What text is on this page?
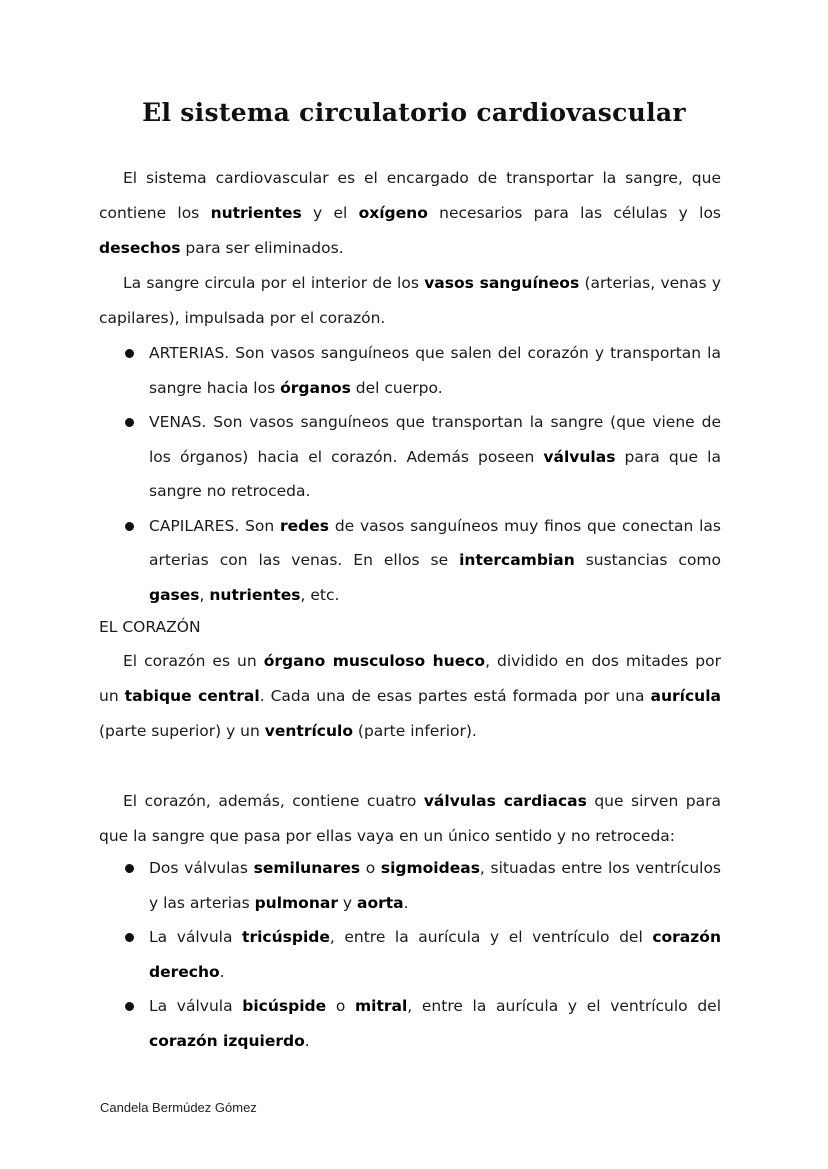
El sistema circulatorio cardiovascular

El sistema cardiovascular es el encargado de transportar la sangre, que contiene los nutrientes y el oxígeno necesarios para las células y los desechos para ser eliminados.

La sangre circula por el interior de los vasos sanguíneos (arterias, venas y capilares), impulsada por el corazón.

ARTERIAS. Son vasos sanguíneos que salen del corazón y transportan la sangre hacia los órganos del cuerpo.
VENAS. Son vasos sanguíneos que transportan la sangre (que viene de los órganos) hacia el corazón. Además poseen válvulas para que la sangre no retroceda.
CAPILARES. Son redes de vasos sanguíneos muy finos que conectan las arterias con las venas. En ellos se intercambian sustancias como gases, nutrientes, etc.

EL CORAZÓN

El corazón es un órgano musculoso hueco, dividido en dos mitades por un tabique central. Cada una de esas partes está formada por una aurícula (parte superior) y un ventrículo (parte inferior).

El corazón, además, contiene cuatro válvulas cardiacas que sirven para que la sangre que pasa por ellas vaya en un único sentido y no retroceda:

Dos válvulas semilunares o sigmoideas, situadas entre los ventrículos y las arterias pulmonar y aorta.
La válvula tricúspide, entre la aurícula y el ventrículo del corazón derecho.
La válvula bicúspide o mitral, entre la aurícula y el ventrículo del corazón izquierdo.

Candela Bermúdez Gómez
